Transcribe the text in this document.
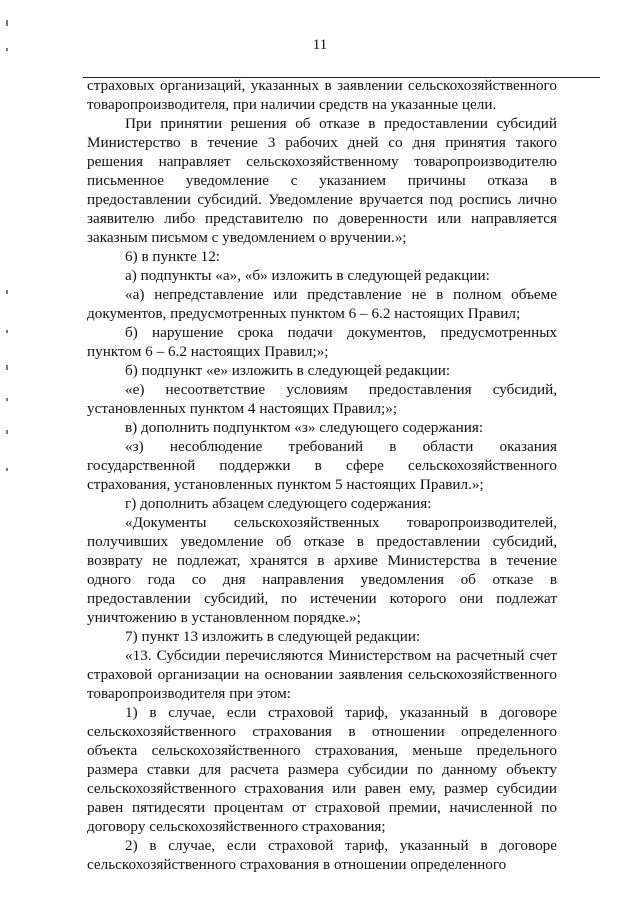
11

страховых организаций, указанных в заявлении сельскохозяйственного товаропроизводителя, при наличии средств на указанные цели.

При принятии решения об отказе в предоставлении субсидий Министерство в течение 3 рабочих дней со дня принятия такого решения направляет сельскохозяйственному товаропроизводителю письменное уведомление с указанием причины отказа в предоставлении субсидий. Уведомление вручается под роспись лично заявителю либо представителю по доверенности или направляется заказным письмом с уведомлением о вручении.»;

6) в пункте 12:

а) подпункты «а», «б» изложить в следующей редакции:

«а) непредставление или представление не в полном объеме документов, предусмотренных пунктом 6 – 6.2 настоящих Правил;

б) нарушение срока подачи документов, предусмотренных пунктом 6 – 6.2 настоящих Правил;»;

б) подпункт «е» изложить в следующей редакции:

«е) несоответствие условиям предоставления субсидий, установленных пунктом 4 настоящих Правил;»;

в) дополнить подпунктом «з» следующего содержания:

«з) несоблюдение требований в области оказания государственной поддержки в сфере сельскохозяйственного страхования, установленных пунктом 5 настоящих Правил.»;

г) дополнить абзацем следующего содержания:

«Документы сельскохозяйственных товаропроизводителей, получивших уведомление об отказе в предоставлении субсидий, возврату не подлежат, хранятся в архиве Министерства в течение одного года со дня направления уведомления об отказе в предоставлении субсидий, по истечении которого они подлежат уничтожению в установленном порядке.»;

7) пункт 13 изложить в следующей редакции:

«13. Субсидии перечисляются Министерством на расчетный счет страховой организации на основании заявления сельскохозяйственного товаропроизводителя при этом:

1) в случае, если страховой тариф, указанный в договоре сельскохозяйственного страхования в отношении определенного объекта сельскохозяйственного страхования, меньше предельного размера ставки для расчета размера субсидии по данному объекту сельскохозяйственного страхования или равен ему, размер субсидии равен пятидесяти процентам от страховой премии, начисленной по договору сельскохозяйственного страхования;

2) в случае, если страховой тариф, указанный в договоре сельскохозяйственного страхования в отношении определенного
